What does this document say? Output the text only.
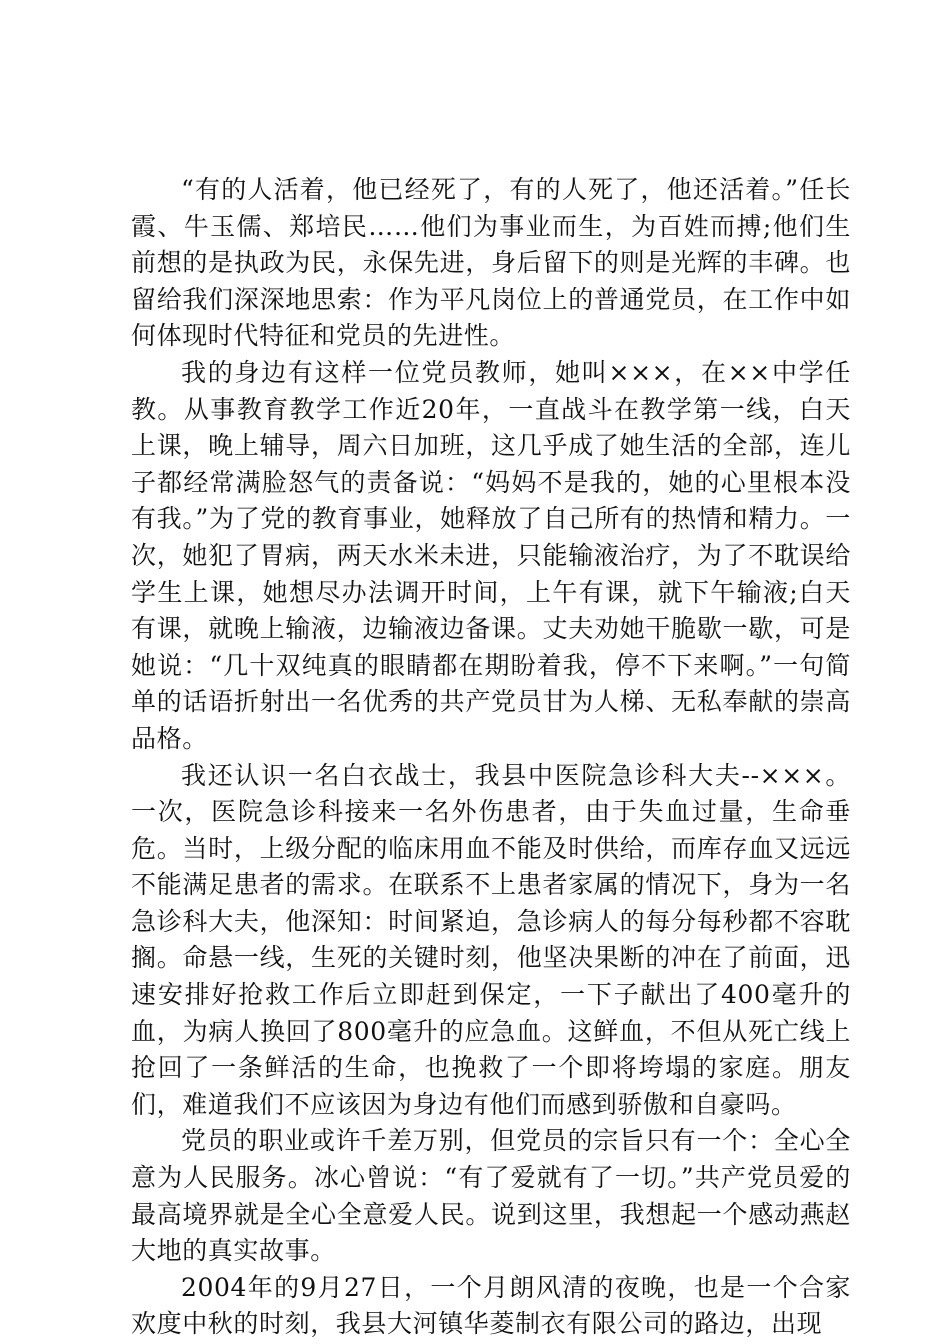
“有的人活着，他已经死了，有的人死了，他还活着。”任长霞、牛玉儒、郑培民……他们为事业而生，为百姓而搏;他们生前想的是执政为民，永保先进，身后留下的则是光辉的丰碑。也留给我们深深地思索：作为平凡岗位上的普通党员，在工作中如何体现时代特征和党员的先进性。

我的身边有这样一位党员教师，她叫×××，在××中学任教。从事教育教学工作近20年，一直战斗在教学第一线，白天上课，晚上辅导，周六日加班，这几乎成了她生活的全部，连儿子都经常满脸怒气的责备说：“妈妈不是我的，她的心里根本没有我。”为了党的教育事业，她释放了自己所有的热情和精力。一次，她犯了胃病，两天水米未进，只能输液治疗，为了不耽误给学生上课，她想尽办法调开时间，上午有课，就下午输液;白天有课，就晚上输液，边输液边备课。丈夫劝她干脆歇一歇，可是她说：“几十双纯真的眼睛都在期盼着我，停不下来啊。”一句简单的话语折射出一名优秀的共产党员甘为人梯、无私奉献的崇高品格。

我还认识一名白衣战士，我县中医院急诊科大夫--×××。一次，医院急诊科接来一名外伤患者，由于失血过量，生命垂危。当时，上级分配的临床用血不能及时供给，而库存血又远远不能满足患者的需求。在联系不上患者家属的情况下，身为一名急诊科大夫，他深知：时间紧迫，急诊病人的每分每秒都不容耽搁。命悬一线，生死的关键时刻，他坚决果断的冲在了前面，迅速安排好抢救工作后立即赶到保定，一下子献出了400毫升的血，为病人换回了800毫升的应急血。这鲜血，不但从死亡线上抢回了一条鲜活的生命，也挽救了一个即将垮塌的家庭。朋友们，难道我们不应该因为身边有他们而感到骄傲和自豪吗。

党员的职业或许千差万别，但党员的宗旨只有一个：全心全意为人民服务。冰心曾说：“有了爱就有了一切。”共产党员爱的最高境界就是全心全意爱人民。说到这里，我想起一个感动燕赵大地的真实故事。

2004年的9月27日，一个月朗风清的夜晚，也是一个合家欢度中秋的时刻，我县大河镇华菱制衣有限公司的路边，出现
